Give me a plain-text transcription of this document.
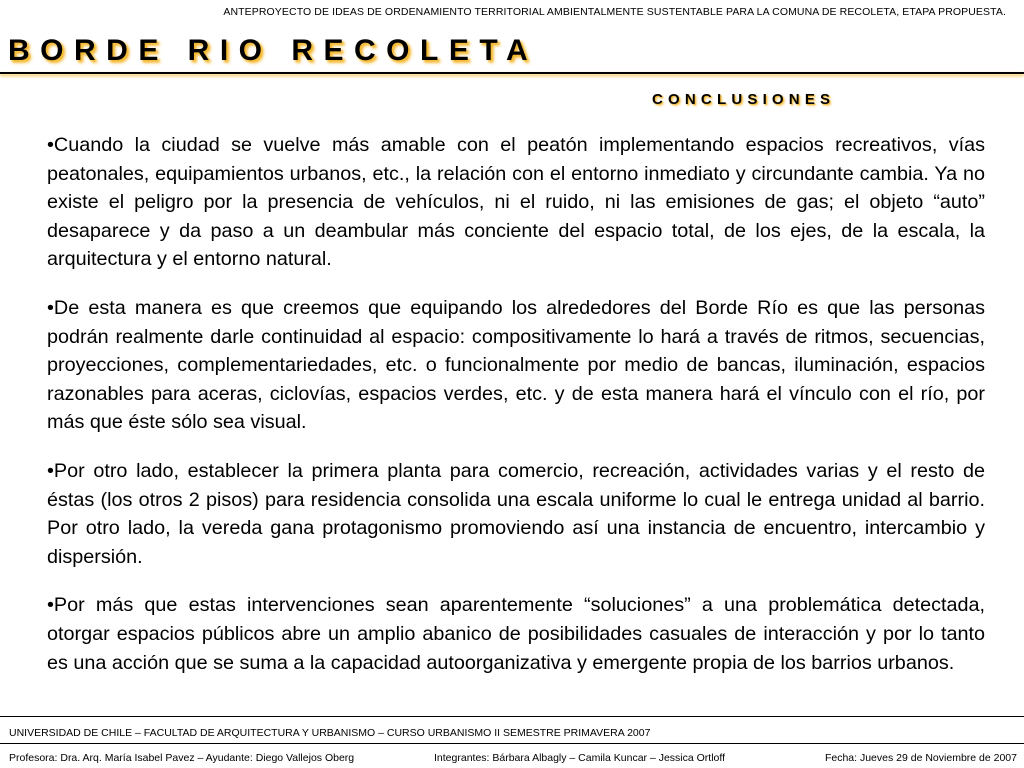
ANTEPROYECTO DE IDEAS DE ORDENAMIENTO TERRITORIAL AMBIENTALMENTE SUSTENTABLE PARA LA COMUNA DE RECOLETA, ETAPA PROPUESTA.
BORDE RIO RECOLETA
CONCLUSIONES

•Cuando la ciudad se vuelve más amable con el peatón implementando espacios recreativos, vías peatonales, equipamientos urbanos, etc., la relación con el entorno inmediato y circundante cambia. Ya no existe el peligro por la presencia de vehículos, ni el ruido, ni las emisiones de gas; el objeto “auto” desaparece y da paso a un deambular más conciente del espacio total, de los ejes, de la escala, la arquitectura y el entorno natural.

•De esta manera es que creemos que equipando los alrededores del Borde Río es que las personas podrán realmente darle continuidad al espacio: compositivamente lo hará a través de ritmos, secuencias, proyecciones, complementariedades, etc. o funcionalmente por medio de bancas, iluminación, espacios razonables para aceras, ciclovías, espacios verdes, etc. y de esta manera hará el vínculo con el río, por más que éste sólo sea visual.

•Por otro lado, establecer la primera planta para comercio, recreación, actividades varias y el resto de éstas (los otros 2 pisos) para residencia consolida una escala uniforme lo cual le entrega unidad al barrio. Por otro lado, la vereda gana protagonismo promoviendo así una instancia de encuentro, intercambio y dispersión.

•Por más que estas intervenciones sean aparentemente “soluciones” a una problemática detectada, otorgar espacios públicos abre un amplio abanico de posibilidades casuales de interacción y por lo tanto es una acción que se suma a la capacidad autoorganizativa y emergente propia de los barrios urbanos.

UNIVERSIDAD DE CHILE – FACULTAD DE ARQUITECTURA Y URBANISMO – CURSO URBANISMO II SEMESTRE PRIMAVERA 2007
Profesora: Dra. Arq. María Isabel Pavez – Ayudante: Diego Vallejos Oberg	Integrantes: Bárbara Albagly – Camila Kuncar – Jessica Ortloff	Fecha: Jueves 29 de Noviembre de 2007
